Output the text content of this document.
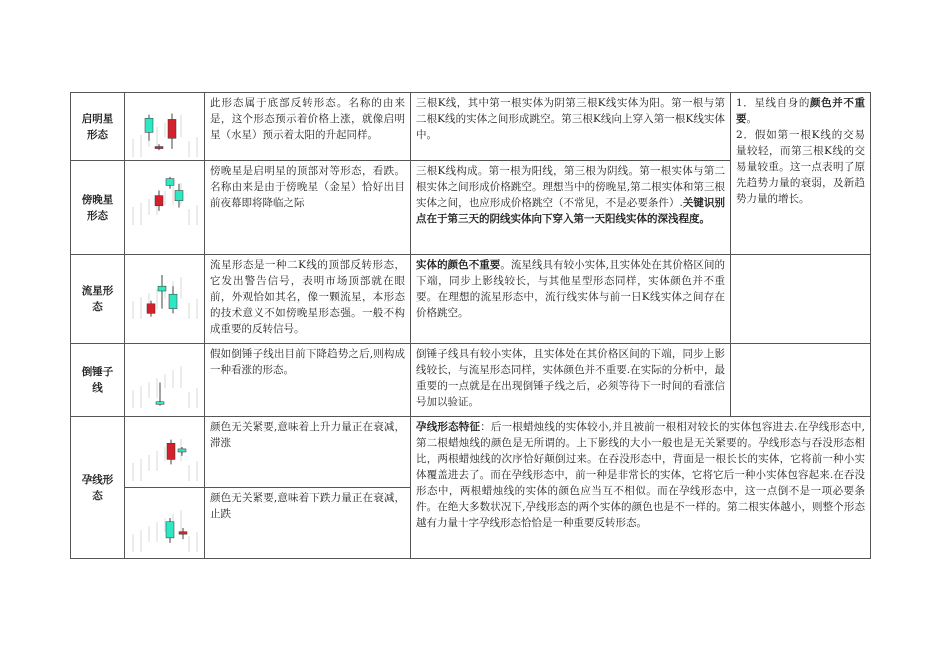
启明星
形态		此形态属于底部反转形态。名称的由来是，这个形态预示着价格上涨，就像启明星（水星）预示着太阳的升起同样。	三根K线，其中第一根实体为阴第三根K线实体为阳。第一根与第二根K线的实体之间形成跳空。第三根K线向上穿入第一根K线实体中。	1．星线自身的颜色并不重要。
2．假如第一根K线的交易量较轻，而第三根K线的交易量较重。这一点表明了原先趋势力量的衰弱，及新趋势力量的增长。
傍晚星
形态		傍晚星是启明星的顶部对等形态，看跌。名称由来是由于傍晚星（金星）恰好出目前夜幕即将降临之际	三根K线构成。第一根为阳线，第三根为阴线。第一根实体与第二根实体之间形成价格跳空。理想当中的傍晚星,第二根实体和第三根实体之间，也应形成价格跳空（不常见，不是必要条件）.关键识别点在于第三天的阴线实体向下穿入第一天阳线实体的深浅程度。	
流星形
态		流星形态是一种二K线的顶部反转形态，它发出警告信号，表明市场顶部就在眼前，外观恰如其名，像一颗流星，本形态的技术意义不如傍晚星形态强。一般不构成重要的反转信号。	实体的颜色不重要。流星线具有较小实体,且实体处在其价格区间的下端，同步上影线较长，与其他星型形态同样，实体颜色并不重要。在理想的流星形态中，流行线实体与前一日K线实体之间存在价格跳空。	
倒锤子
线		假如倒锤子线出目前下降趋势之后,则构成一种看涨的形态。	倒锤子线具有较小实体，且实体处在其价格区间的下端，同步上影线较长，与流星形态同样，实体颜色并不重要.在实际的分析中，最重要的一点就是在出现倒锤子线之后，必须等待下一时间的看涨信号加以验证。	
孕线形
态		颜色无关紧要,意味着上升力量正在衰减，滞涨	孕线形态特征：后一根蜡烛线的实体较小,并且被前一根相对较长的实体包容进去.在孕线形态中,第二根蜡烛线的颜色是无所谓的。上下影线的大小一般也是无关紧要的。孕线形态与吞没形态相比，两根蜡烛线的次序恰好颠倒过来。在吞没形态中，背面是一根长长的实体，它将前一种小实体覆盖进去了。而在孕线形态中，前一种是非常长的实体，它将它后一种小实体包容起来.在吞没形态中，两根蜡烛线的实体的颜色应当互不相似。而在孕线形态中，这一点倒不是一项必要条件。在绝大多数状况下,孕线形态的两个实体的颜色也是不一样的。第二根实体越小，则整个形态越有力量十字孕线形态恰恰是一种重要反转形态。	

	颜色无关紧要,意味着下跌力量正在衰减，止跌		
